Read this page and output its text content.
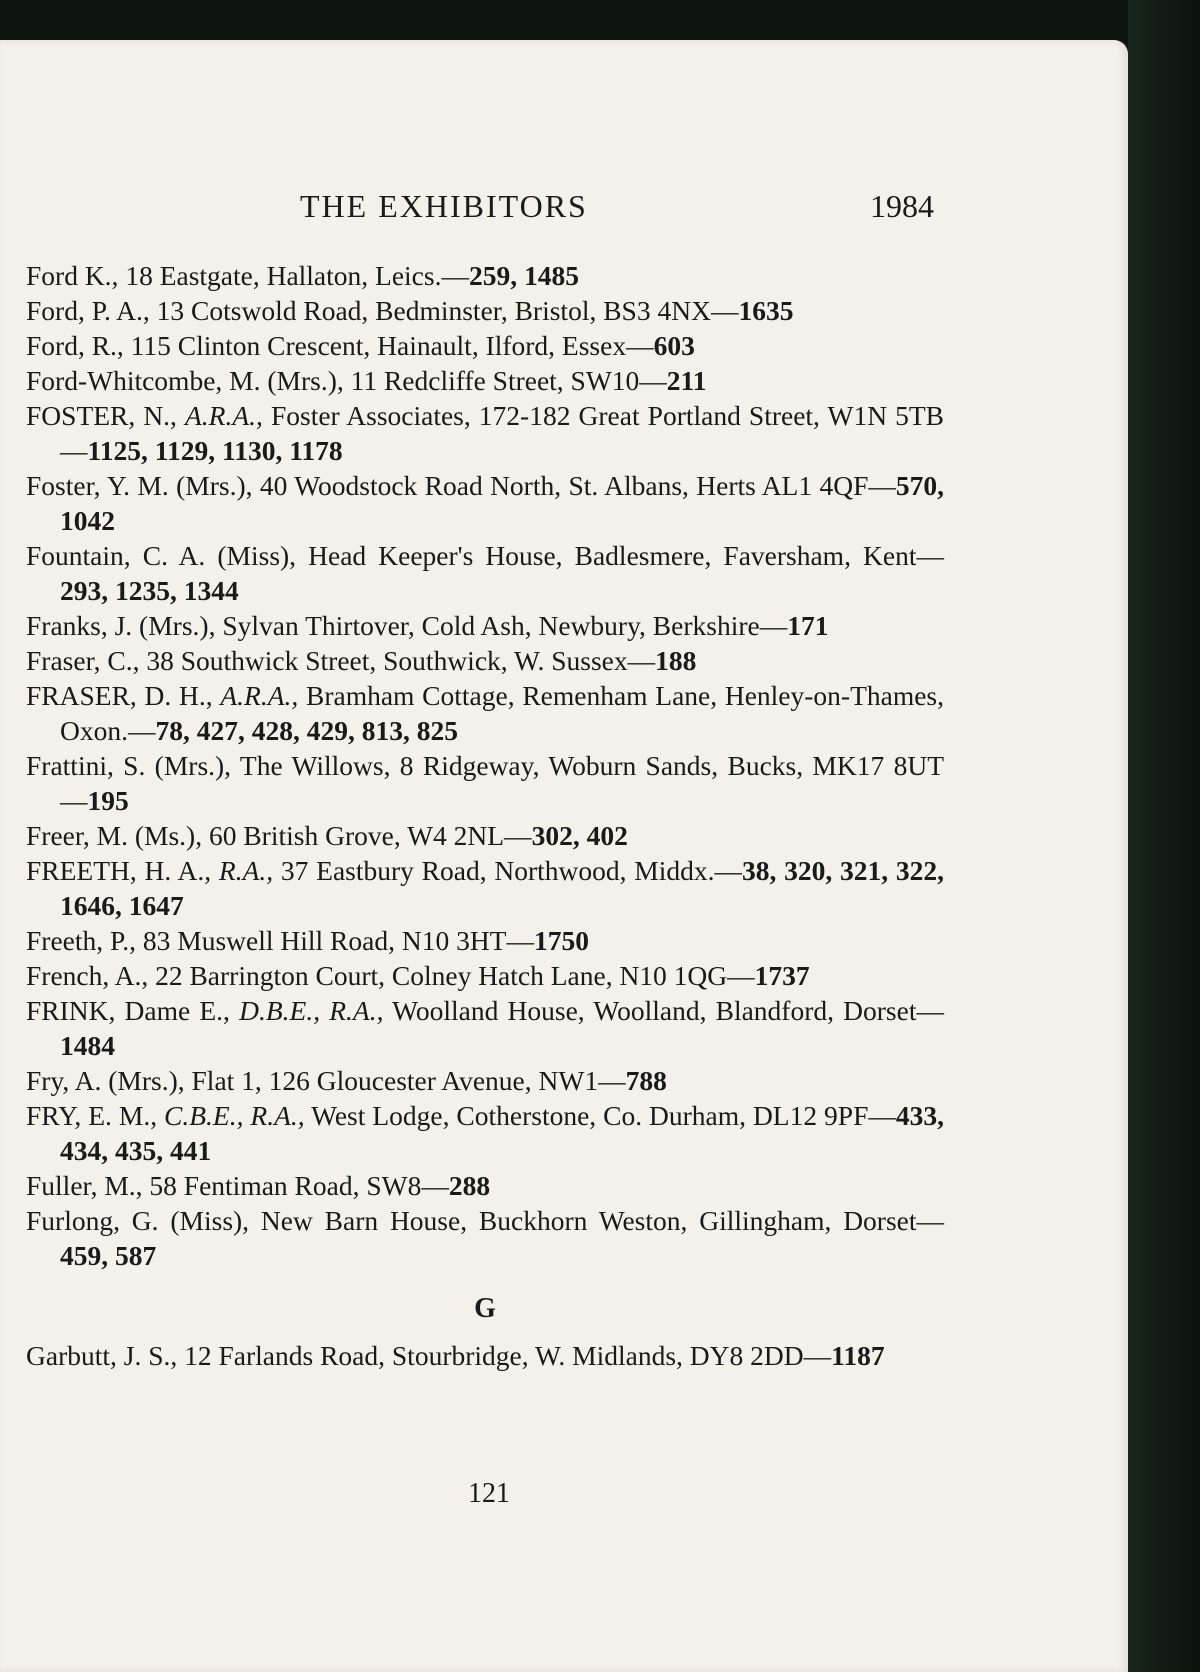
THE EXHIBITORS	1984

Ford K., 18 Eastgate, Hallaton, Leics.—259, 1485

Ford, P. A., 13 Cotswold Road, Bedminster, Bristol, BS3 4NX—1635

Ford, R., 115 Clinton Crescent, Hainault, Ilford, Essex—603

Ford-Whitcombe, M. (Mrs.), 11 Redcliffe Street, SW10—211

FOSTER, N., A.R.A., Foster Associates, 172-182 Great Portland Street, W1N 5TB—1125, 1129, 1130, 1178

Foster, Y. M. (Mrs.), 40 Woodstock Road North, St. Albans, Herts AL1 4QF—570, 1042

Fountain, C. A. (Miss), Head Keeper's House, Badlesmere, Faversham, Kent—293, 1235, 1344

Franks, J. (Mrs.), Sylvan Thirtover, Cold Ash, Newbury, Berkshire—171

Fraser, C., 38 Southwick Street, Southwick, W. Sussex—188

FRASER, D. H., A.R.A., Bramham Cottage, Remenham Lane, Henley-on-Thames, Oxon.—78, 427, 428, 429, 813, 825

Frattini, S. (Mrs.), The Willows, 8 Ridgeway, Woburn Sands, Bucks, MK17 8UT—195

Freer, M. (Ms.), 60 British Grove, W4 2NL—302, 402

FREETH, H. A., R.A., 37 Eastbury Road, Northwood, Middx.—38, 320, 321, 322, 1646, 1647

Freeth, P., 83 Muswell Hill Road, N10 3HT—1750

French, A., 22 Barrington Court, Colney Hatch Lane, N10 1QG—1737

FRINK, Dame E., D.B.E., R.A., Woolland House, Woolland, Blandford, Dorset—1484

Fry, A. (Mrs.), Flat 1, 126 Gloucester Avenue, NW1—788

FRY, E. M., C.B.E., R.A., West Lodge, Cotherstone, Co. Durham, DL12 9PF—433, 434, 435, 441

Fuller, M., 58 Fentiman Road, SW8—288

Furlong, G. (Miss), New Barn House, Buckhorn Weston, Gillingham, Dorset—459, 587

G

Garbutt, J. S., 12 Farlands Road, Stourbridge, W. Midlands, DY8 2DD—1187

121
